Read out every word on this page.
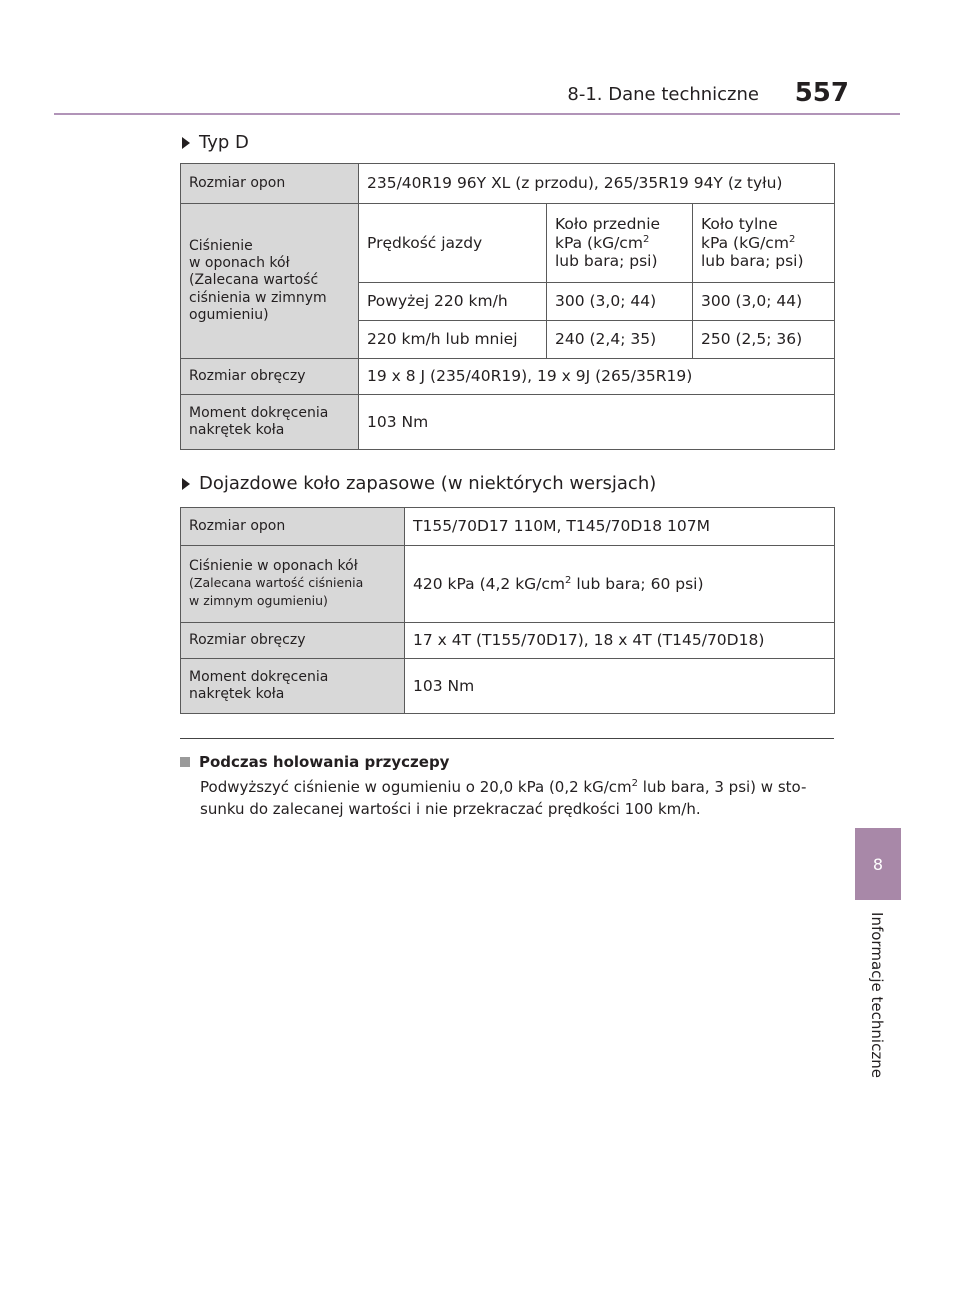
8-1. Dane techniczne 557
Typ D
Rozmiar opon	235/40R19 96Y XL (z przodu), 265/35R19 94Y (z tyłu)		
Ciśnienie
w oponach kół
(Zalecana wartość
ciśnienia w zimnym
ogumieniu)	Prędkość jazdy	Koło przednie
kPa ($kG/cm^2$
lub bara; psi)	Koło tylne
kPa ($kG/cm^2$
lub bara; psi)
	Powyżej 220 km/h	300 (3,0; 44)	300 (3,0; 44)
	220 km/h lub mniej	240 (2,4; 35)	250 (2,5; 36)
Rozmiar obręczy	19 x 8 J (235/40R19), 19 x 9J (265/35R19)		
Moment dokręcenia
nakrętek koła	103 Nm		
Dojazdowe koło zapasowe (w niektórych wersjach)
Rozmiar opon	T155/70D17 110M, T145/70D18 107M
Ciśnienie w oponach kół
(Zalecana wartość ciśnienia
w zimnym ogumieniu)	420 kPa (4,2 $kG/cm^2$ lub bara; 60 psi)
Rozmiar obręczy	17 x 4T (T155/70D17), 18 x 4T (T145/70D18)
Moment dokręcenia
nakrętek koła	103 Nm
Podczas holowania przyczepy
Podwyższyć ciśnienie w ogumieniu o 20,0 kPa (0,2 $kG/cm^2$ lub bara, 3 psi) w sto-
sunku do zalecanej wartości i nie przekraczać prędkości 100 km/h.
8
Informacje techniczne
